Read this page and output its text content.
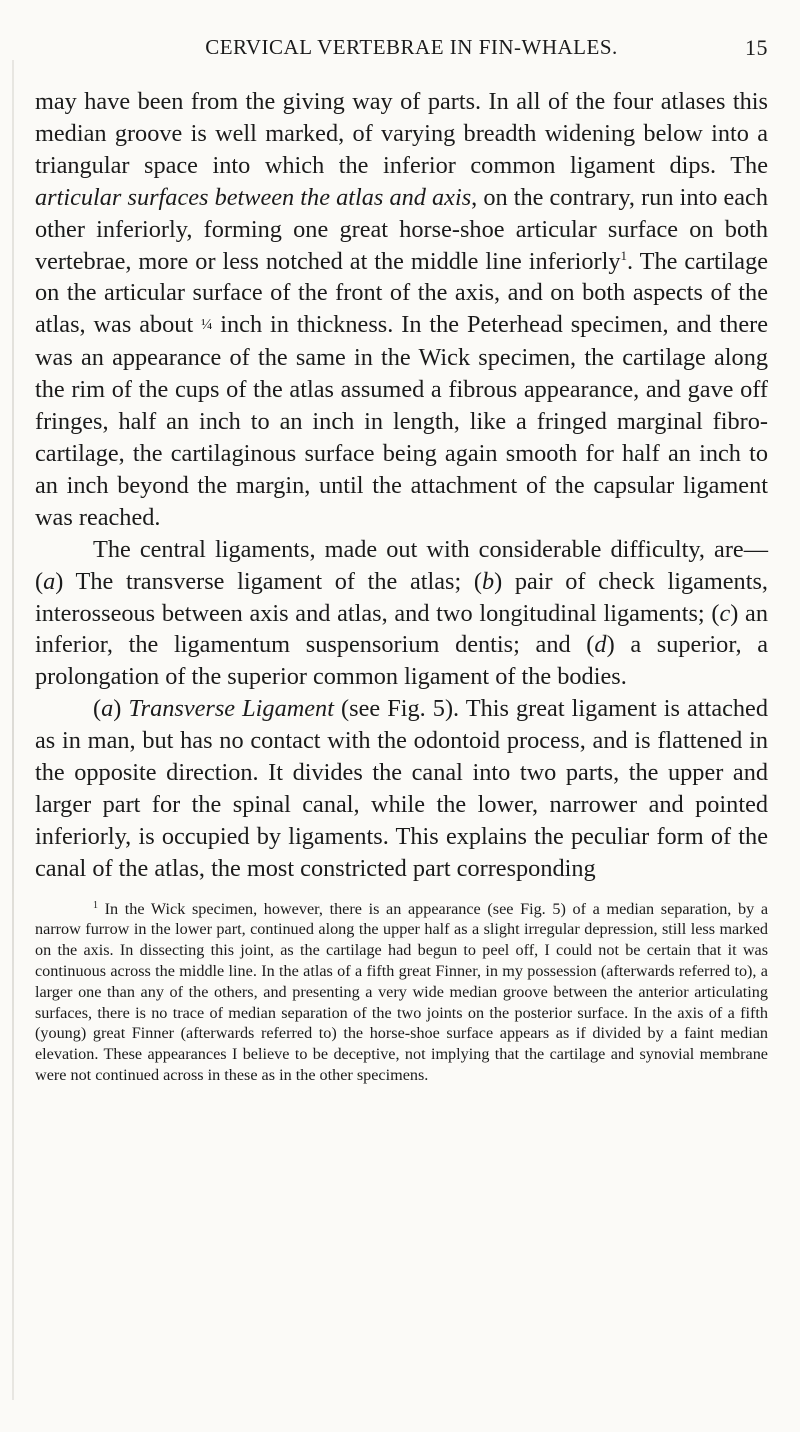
CERVICAL VERTEBRAE IN FIN-WHALES.	15

may have been from the giving way of parts. In all of the four atlases this median groove is well marked, of varying breadth widening below into a triangular space into which the inferior common ligament dips. The articular surfaces between the atlas and axis, on the contrary, run into each other inferiorly, forming one great horse-shoe articular surface on both vertebrae, more or less notched at the middle line inferiorly$^1$. The cartilage on the articular surface of the front of the axis, and on both aspects of the atlas, was about ¼ inch in thickness. In the Peterhead specimen, and there was an appearance of the same in the Wick specimen, the cartilage along the rim of the cups of the atlas assumed a fibrous appearance, and gave off fringes, half an inch to an inch in length, like a fringed marginal fibro-cartilage, the cartilaginous surface being again smooth for half an inch to an inch beyond the margin, until the attachment of the capsular ligament was reached.

The central ligaments, made out with considerable difficulty, are—(a) The transverse ligament of the atlas; (b) pair of check ligaments, interosseous between axis and atlas, and two longitudinal ligaments; (c) an inferior, the ligamentum suspensorium dentis; and (d) a superior, a prolongation of the superior common ligament of the bodies.

(a) Transverse Ligament (see Fig. 5). This great ligament is attached as in man, but has no contact with the odontoid process, and is flattened in the opposite direction. It divides the canal into two parts, the upper and larger part for the spinal canal, while the lower, narrower and pointed inferiorly, is occupied by ligaments. This explains the peculiar form of the canal of the atlas, the most constricted part corresponding

$^1$ In the Wick specimen, however, there is an appearance (see Fig. 5) of a median separation, by a narrow furrow in the lower part, continued along the upper half as a slight irregular depression, still less marked on the axis. In dissecting this joint, as the cartilage had begun to peel off, I could not be certain that it was continuous across the middle line. In the atlas of a fifth great Finner, in my possession (afterwards referred to), a larger one than any of the others, and presenting a very wide median groove between the anterior articulating surfaces, there is no trace of median separation of the two joints on the posterior surface. In the axis of a fifth (young) great Finner (afterwards referred to) the horse-shoe surface appears as if divided by a faint median elevation. These appearances I believe to be deceptive, not implying that the cartilage and synovial membrane were not continued across in these as in the other specimens.
